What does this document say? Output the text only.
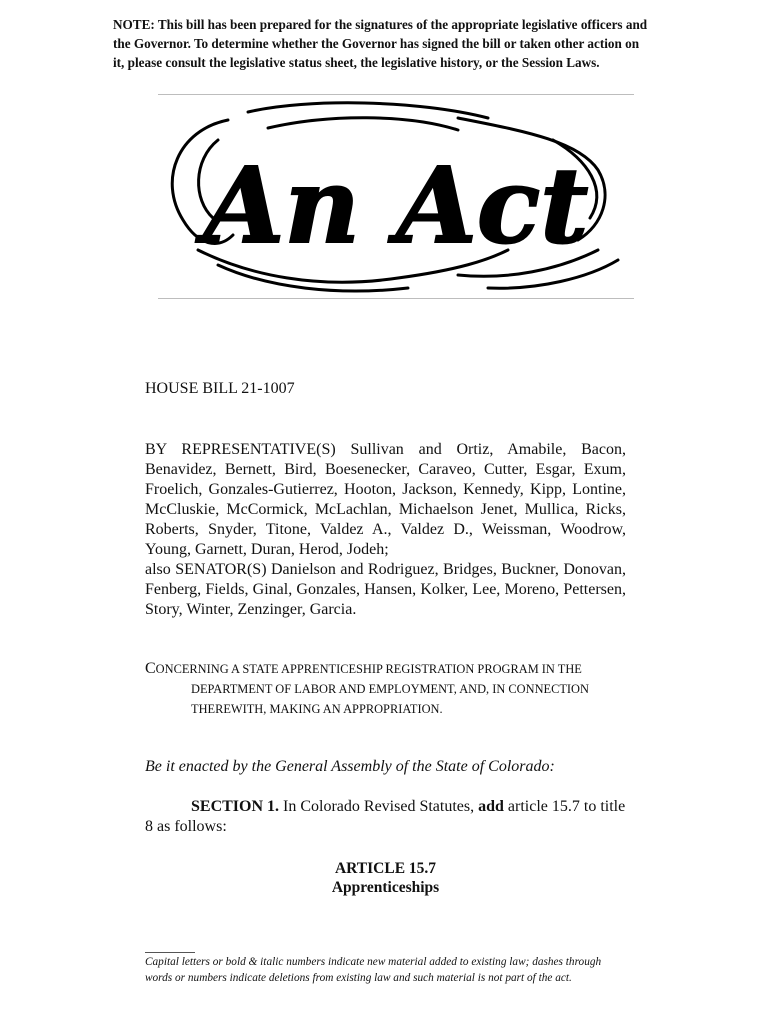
NOTE: This bill has been prepared for the signatures of the appropriate legislative officers and the Governor. To determine whether the Governor has signed the bill or taken other action on it, please consult the legislative status sheet, the legislative history, or the Session Laws.
An Act
HOUSE BILL 21-1007

BY REPRESENTATIVE(S) Sullivan and Ortiz, Amabile, Bacon, Benavidez, Bernett, Bird, Boesenecker, Caraveo, Cutter, Esgar, Exum, Froelich, Gonzales-Gutierrez, Hooton, Jackson, Kennedy, Kipp, Lontine, McCluskie, McCormick, McLachlan, Michaelson Jenet, Mullica, Ricks, Roberts, Snyder, Titone, Valdez A., Valdez D., Weissman, Woodrow, Young, Garnett, Duran, Herod, Jodeh;

also SENATOR(S) Danielson and Rodriguez, Bridges, Buckner, Donovan, Fenberg, Fields, Ginal, Gonzales, Hansen, Kolker, Lee, Moreno, Pettersen, Story, Winter, Zenzinger, Garcia.

CONCERNING A STATE APPRENTICESHIP REGISTRATION PROGRAM IN THE
DEPARTMENT OF LABOR AND EMPLOYMENT, AND, IN CONNECTION
THEREWITH, MAKING AN APPROPRIATION.
Be it enacted by the General Assembly of the State of Colorado:
SECTION 1. In Colorado Revised Statutes, add article 15.7 to title 8 as follows:
ARTICLE 15.7
Apprenticeships
Capital letters or bold & italic numbers indicate new material added to existing law; dashes through words or numbers indicate deletions from existing law and such material is not part of the act.
